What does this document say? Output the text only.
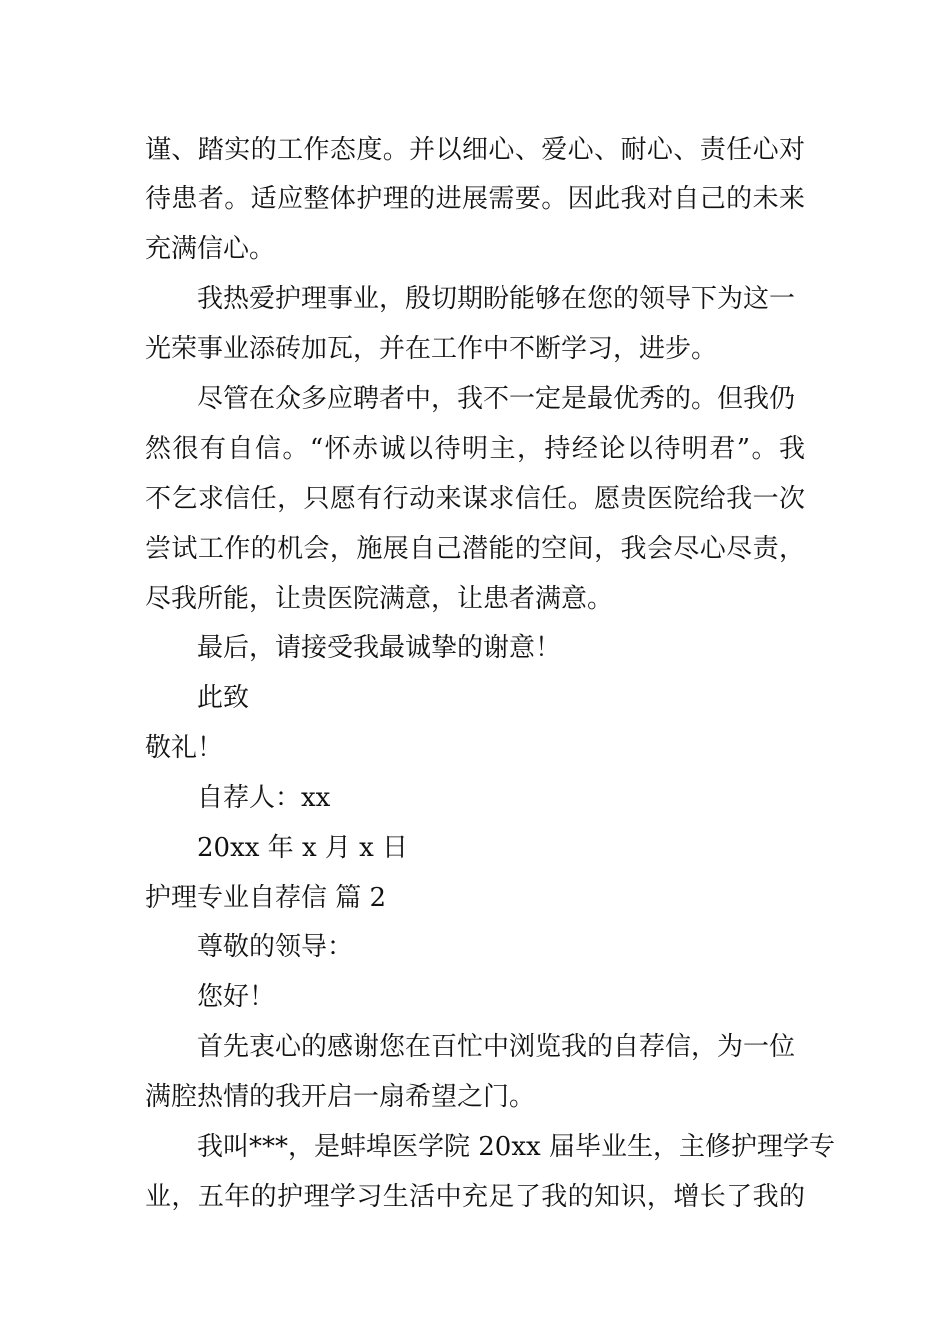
谨、踏实的工作态度。并以细心、爱心、耐心、责任心对

待患者。适应整体护理的进展需要。因此我对自己的未来

充满信心。

我热爱护理事业，殷切期盼能够在您的领导下为这一

光荣事业添砖加瓦，并在工作中不断学习，进步。

尽管在众多应聘者中，我不一定是最优秀的。但我仍

然很有自信。“怀赤诚以待明主，持经论以待明君”。我

不乞求信任，只愿有行动来谋求信任。愿贵医院给我一次

尝试工作的机会，施展自己潜能的空间，我会尽心尽责，

尽我所能，让贵医院满意，让患者满意。

最后，请接受我最诚挚的谢意！

此致

敬礼！

自荐人：xx

20xx 年 x 月 x 日

护理专业自荐信 篇 2

尊敬的领导：

您好！

首先衷心的感谢您在百忙中浏览我的自荐信，为一位

满腔热情的我开启一扇希望之门。

我叫***，是蚌埠医学院 20xx 届毕业生，主修护理学专

业，五年的护理学习生活中充足了我的知识，增长了我的
